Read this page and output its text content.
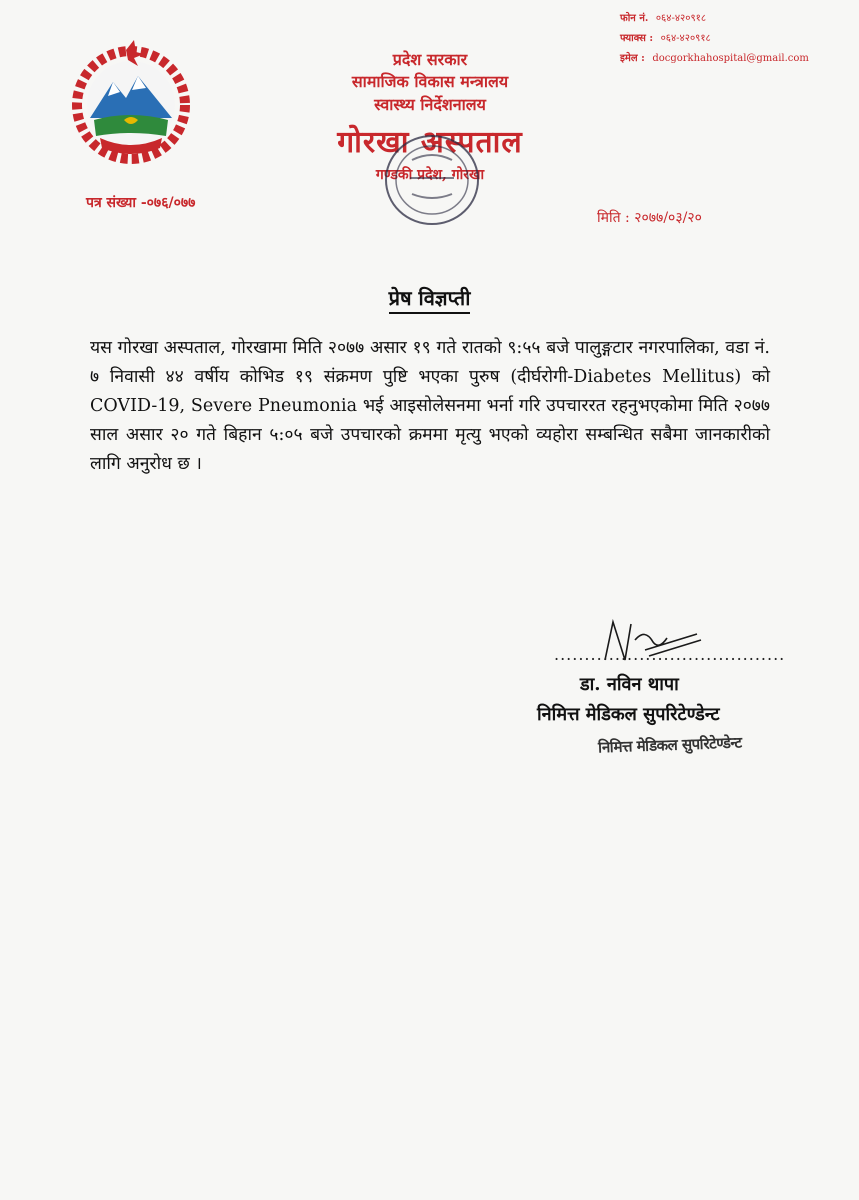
प्रदेश सरकार
सामाजिक विकास मन्त्रालय
स्वास्थ्य निर्देशनालय
गोरखा अस्पताल
गण्डकी प्रदेश, गोरखा
फोन नं. ०६४-४२०९१८
फ्याक्स : ०६४-४२०९१८
इमेल : docgorkhahospital@gmail.com
पत्र संख्या -०७६/०७७
मिति : २०७७/०३/२०
प्रेष विज्ञप्ती
यस गोरखा अस्पताल, गोरखामा मिति २०७७ असार १९ गते रातको ९:५५ बजे पालुङ्गटार नगरपालिका, वडा नं. ७ निवासी ४४ वर्षीय कोभिड १९ संक्रमण पुष्टि भएका पुरुष (दीर्घरोगी-Diabetes Mellitus) को COVID-19, Severe Pneumonia भई आइसोलेसनमा भर्ना गरि उपचाररत रहनुभएकोमा मिति २०७७ साल असार २० गते बिहान ५:०५ बजे उपचारको क्रममा मृत्यु भएको व्यहोरा सम्बन्धित सबैमा जानकारीको लागि अनुरोध छ ।
......................................
डा. नविन थापा
निमित्त मेडिकल सुपरिटेण्डेन्ट
निमित्त मेडिकल सुपरिटेण्डेन्ट
